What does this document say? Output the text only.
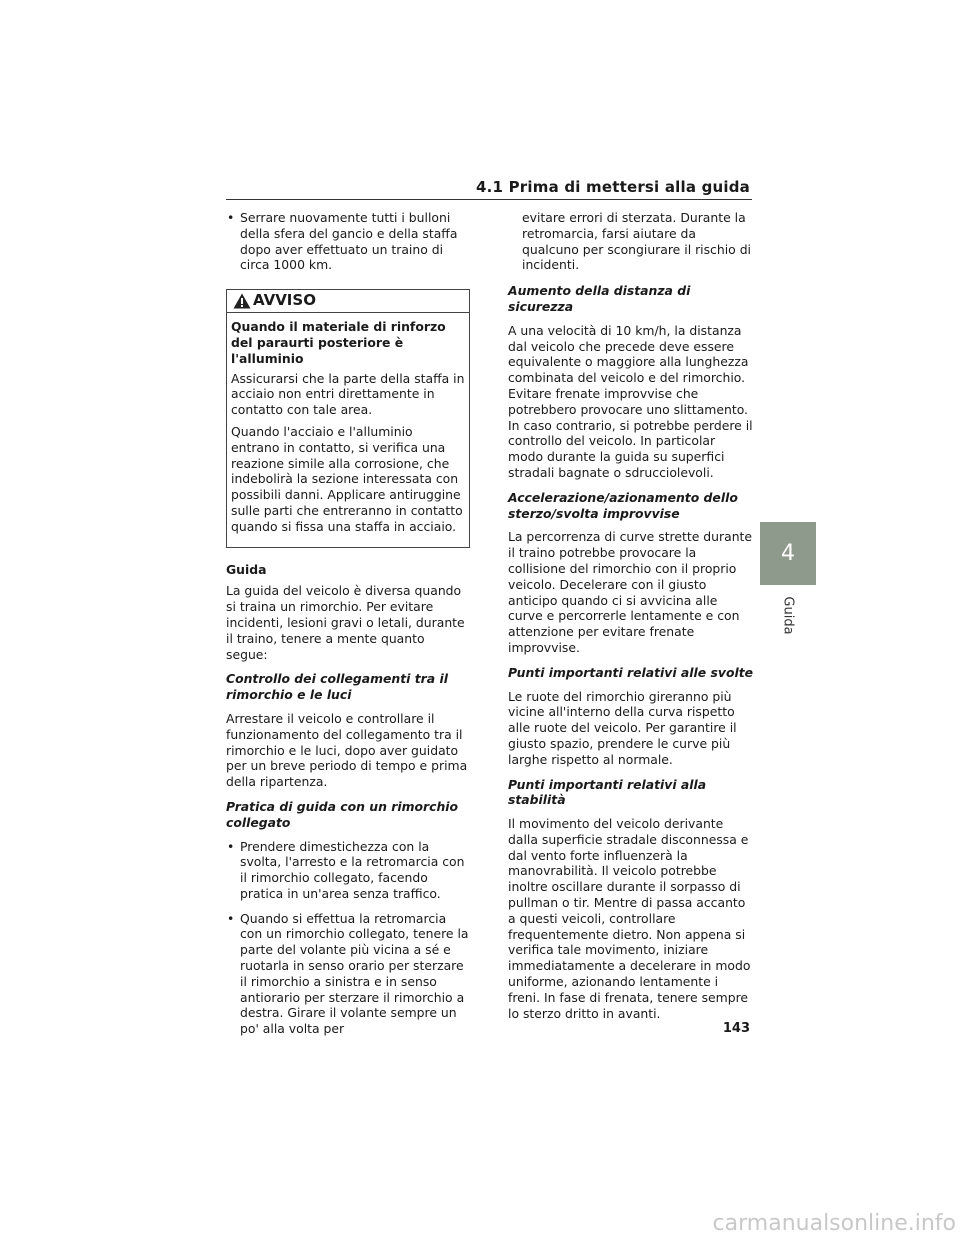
4.1 Prima di mettersi alla guida
4
Guida
• Serrare nuovamente tutti i bulloni della sfera del gancio e della staffa dopo aver effettuato un traino di circa 1000 km.
AVVISO

Quando il materiale di rinforzo del paraurti posteriore è l'alluminio

Assicurarsi che la parte della staffa in acciaio non entri direttamente in contatto con tale area.

Quando l'acciaio e l'alluminio entrano in contatto, si verifica una reazione simile alla corrosione, che indebolirà la sezione interessata con possibili danni. Applicare antiruggine sulle parti che entreranno in contatto quando si fissa una staffa in acciaio.

Guida

La guida del veicolo è diversa quando si traina un rimorchio. Per evitare incidenti, lesioni gravi o letali, durante il traino, tenere a mente quanto segue:

Controllo dei collegamenti tra il rimorchio e le luci

Arrestare il veicolo e controllare il funzionamento del collegamento tra il rimorchio e le luci, dopo aver guidato per un breve periodo di tempo e prima della ripartenza.

Pratica di guida con un rimorchio collegato

• Prendere dimestichezza con la svolta, l'arresto e la retromarcia con il rimorchio collegato, facendo pratica in un'area senza traffico.
• Quando si effettua la retromarcia con un rimorchio collegato, tenere la parte del volante più vicina a sé e ruotarla in senso orario per sterzare il rimorchio a sinistra e in senso antiorario per sterzare il rimorchio a destra. Girare il volante sempre un po' alla volta per

evitare errori di sterzata. Durante la retromarcia, farsi aiutare da qualcuno per scongiurare il rischio di incidenti.

Aumento della distanza di sicurezza

A una velocità di 10 km/h, la distanza dal veicolo che precede deve essere equivalente o maggiore alla lunghezza combinata del veicolo e del rimorchio. Evitare frenate improvvise che potrebbero provocare uno slittamento. In caso contrario, si potrebbe perdere il controllo del veicolo. In particolar modo durante la guida su superfici stradali bagnate o sdrucciolevoli.

Accelerazione/azionamento dello sterzo/svolta improvvise

La percorrenza di curve strette durante il traino potrebbe provocare la collisione del rimorchio con il proprio veicolo. Decelerare con il giusto anticipo quando ci si avvicina alle curve e percorrerle lentamente e con attenzione per evitare frenate improvvise.

Punti importanti relativi alle svolte

Le ruote del rimorchio gireranno più vicine all'interno della curva rispetto alle ruote del veicolo. Per garantire il giusto spazio, prendere le curve più larghe rispetto al normale.

Punti importanti relativi alla stabilità

Il movimento del veicolo derivante dalla superficie stradale disconnessa e dal vento forte influenzerà la manovrabilità. Il veicolo potrebbe inoltre oscillare durante il sorpasso di pullman o tir. Mentre di passa accanto a questi veicoli, controllare frequentemente dietro. Non appena si verifica tale movimento, iniziare immediatamente a decelerare in modo uniforme, azionando lentamente i freni. In fase di frenata, tenere sempre lo sterzo dritto in avanti.

143
carmanualsonline.info
